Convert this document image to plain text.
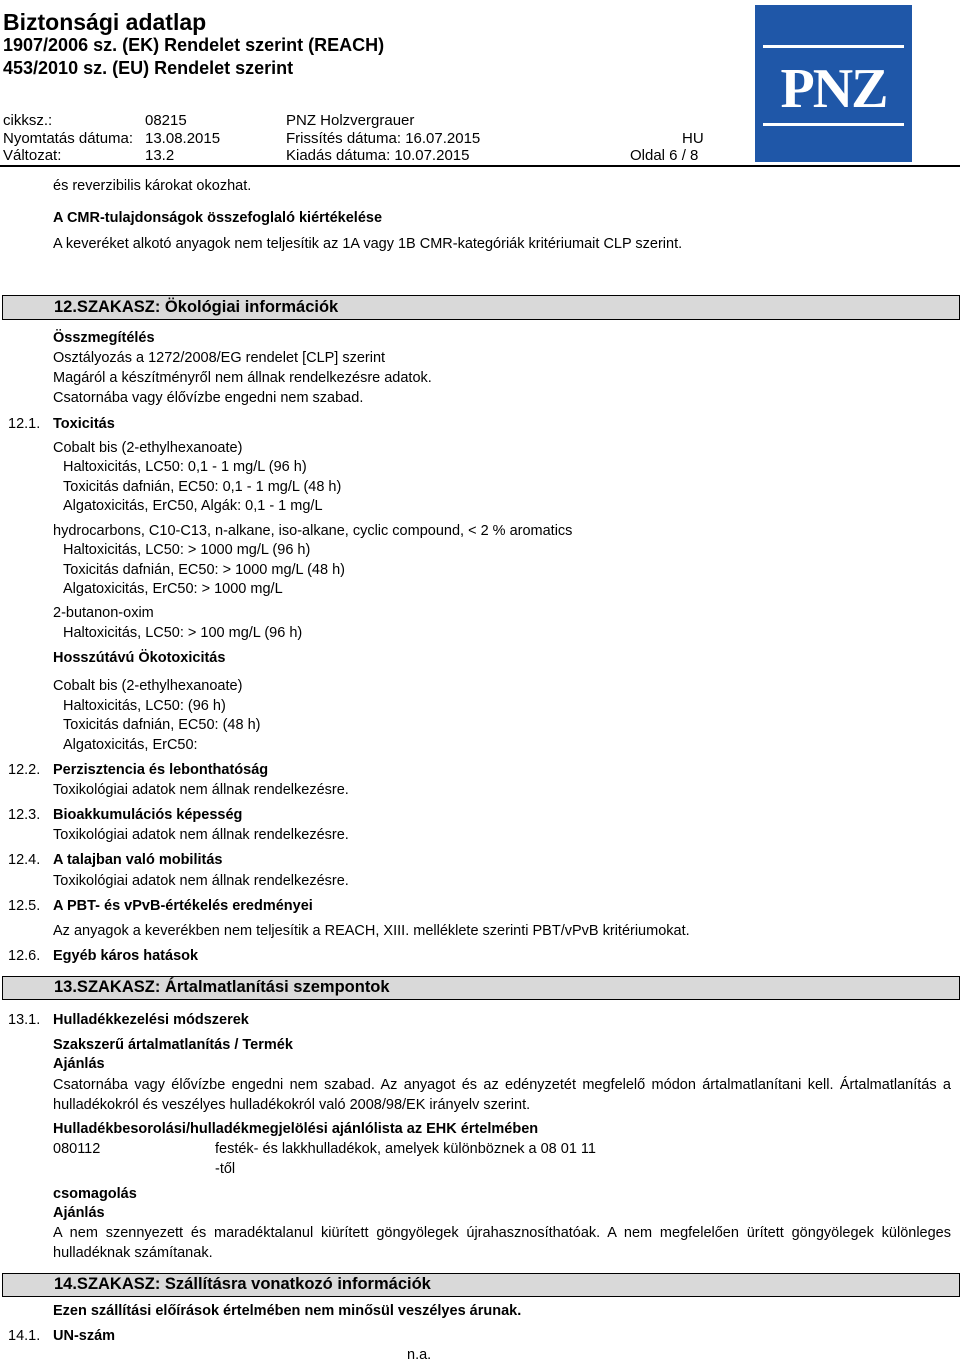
Biztonsági adatlap
1907/2006 sz. (EK) Rendelet szerint (REACH)
453/2010 sz. (EU) Rendelet szerint
cikksz.:	08215	PNZ Holzvergrauer
Nyomtatás dátuma: 13.08.2015	Frissítés dátuma: 16.07.2015	HU
Változat:	13.2	Kiadás dátuma: 10.07.2015	Oldal 6 / 8
PNZ
és reverzibilis károkat okozhat.
A CMR-tulajdonságok összefoglaló kiértékelése
A keveréket alkotó anyagok nem teljesítik az 1A vagy 1B CMR-kategóriák kritériumait CLP szerint.
12.SZAKASZ: Ökológiai információk
Összmegítélés
Osztályozás a 1272/2008/EG rendelet [CLP] szerint
Magáról a készítményről nem állnak rendelkezésre adatok.
Csatornába vagy élővízbe engedni nem szabad.
12.1. Toxicitás
Cobalt bis (2-ethylhexanoate)
Haltoxicitás, LC50: 0,1 - 1 mg/L (96 h)
Toxicitás dafnián, EC50: 0,1 - 1 mg/L (48 h)
Algatoxicitás, ErC50, Algák: 0,1 - 1 mg/L
hydrocarbons, C10-C13, n-alkane, iso-alkane, cyclic compound, < 2 % aromatics
Haltoxicitás, LC50: > 1000 mg/L (96 h)
Toxicitás dafnián, EC50: > 1000 mg/L (48 h)
Algatoxicitás, ErC50: > 1000 mg/L
2-butanon-oxim
Haltoxicitás, LC50: > 100 mg/L (96 h)
Hosszútávú Ökotoxicitás
Cobalt bis (2-ethylhexanoate)
Haltoxicitás, LC50: (96 h)
Toxicitás dafnián, EC50: (48 h)
Algatoxicitás, ErC50:
12.2. Perzisztencia és lebonthatóság
Toxikológiai adatok nem állnak rendelkezésre.
12.3. Bioakkumulációs képesség
Toxikológiai adatok nem állnak rendelkezésre.
12.4. A talajban való mobilitás
Toxikológiai adatok nem állnak rendelkezésre.
12.5. A PBT- és vPvB-értékelés eredményei
Az anyagok a keverékben nem teljesítik a REACH, XIII. melléklete szerinti PBT/vPvB kritériumokat.
12.6. Egyéb káros hatások
13.SZAKASZ: Ártalmatlanítási szempontok
13.1. Hulladékkezelési módszerek
Szakszerű ártalmatlanítás / Termék
Ajánlás
Csatornába vagy élővízbe engedni nem szabad. Az anyagot és az edényzetét megfelelő módon ártalmatlanítani kell. Ártalmatlanítás a hulladékokról és veszélyes hulladékokról való 2008/98/EK irányelv szerint.
Hulladékbesorolási/hulladékmegjelölési ajánlólista az EHK értelmében
080112	festék- és lakkhulladékok, amelyek különböznek a 08 01 11
-től
csomagolás
Ajánlás
A nem szennyezett és maradéktalanul kiürített göngyölegek újrahasznosíthatóak. A nem megfelelően ürített göngyölegek különleges hulladéknak számítanak.
14.SZAKASZ: Szállításra vonatkozó információk
Ezen szállítási előírások értelmében nem minősül veszélyes árunak.
14.1. UN-szám
n.a.
